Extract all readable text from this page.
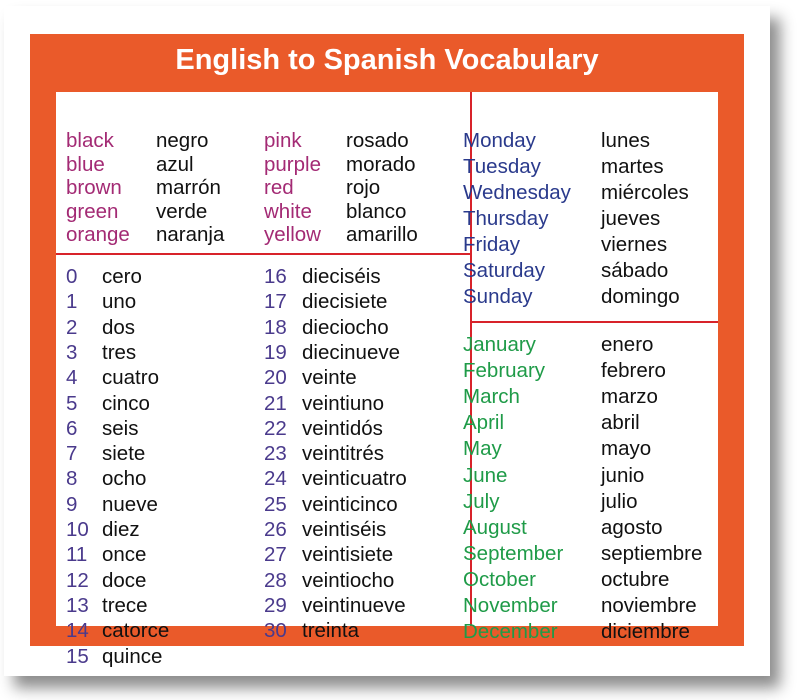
English to Spanish Vocabulary
black negro
blue azul
brown marrón
green verde
orange naranja
pink rosado
purple morado
red	rojo
white blanco
yellow amarillo
0 cero
1 uno
2 dos
3 tres
4 cuatro
5 cinco
6 seis
7 siete
8 ocho
9 nueve
10 diez
11 once
12 doce
13 trece
14 catorce
15 quince
16 dieciséis
17 diecisiete
18 dieciocho
19 diecinueve
20 veinte
21 veintiuno
22 veintidós
23 veintitrés
24 veinticuatro
25 veinticinco
26 veintiséis
27 veintisiete
28 veintiocho
29 veintinueve
30 treinta
Monday	lunes
Tuesday	martes
Wednesday miércoles
Thursday	jueves
Friday	viernes
Saturday	sábado
Sunday	domingo
January	enero
February	febrero
March	marzo
April	abril
May	mayo
June	junio
July	julio
August	agosto
September septiembre
October	octubre
November noviembre
December diciembre
